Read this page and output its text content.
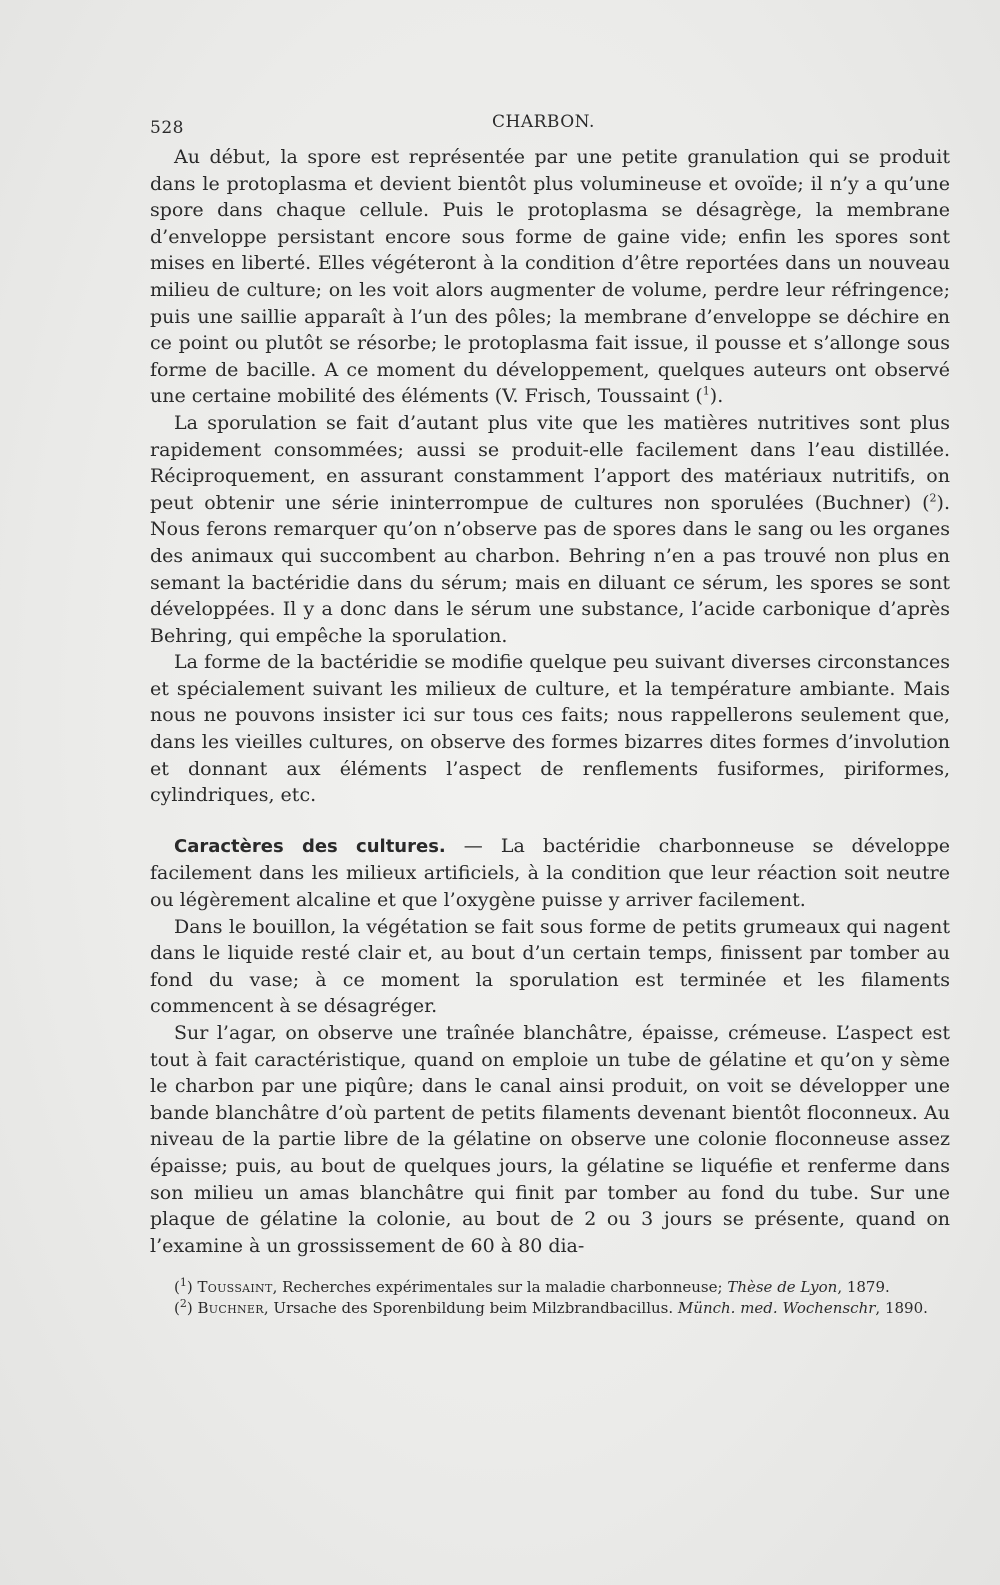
528	CHARBON.

Au début, la spore est représentée par une petite granulation qui se produit dans le protoplasma et devient bientôt plus volumineuse et ovoïde; il n’y a qu’une spore dans chaque cellule. Puis le protoplasma se désagrège, la membrane d’enveloppe persistant encore sous forme de gaine vide; enfin les spores sont mises en liberté. Elles végéteront à la condition d’être reportées dans un nouveau milieu de culture; on les voit alors augmenter de volume, perdre leur réfringence; puis une saillie apparaît à l’un des pôles; la membrane d’enveloppe se déchire en ce point ou plutôt se résorbe; le protoplasma fait issue, il pousse et s’allonge sous forme de bacille. A ce moment du développement, quelques auteurs ont observé une certaine mobilité des éléments (V. Frisch, Toussaint ($^1$).

La sporulation se fait d’autant plus vite que les matières nutritives sont plus rapidement consommées; aussi se produit-elle facilement dans l’eau distillée. Réciproquement, en assurant constamment l’apport des matériaux nutritifs, on peut obtenir une série ininterrompue de cultures non sporulées (Buchner) ($^2$). Nous ferons remarquer qu’on n’observe pas de spores dans le sang ou les organes des animaux qui succombent au charbon. Behring n’en a pas trouvé non plus en semant la bactéridie dans du sérum; mais en diluant ce sérum, les spores se sont développées. Il y a donc dans le sérum une substance, l’acide carbonique d’après Behring, qui empêche la sporulation.

La forme de la bactéridie se modifie quelque peu suivant diverses circonstances et spécialement suivant les milieux de culture, et la température ambiante. Mais nous ne pouvons insister ici sur tous ces faits; nous rappellerons seulement que, dans les vieilles cultures, on observe des formes bizarres dites formes d’involution et donnant aux éléments l’aspect de renflements fusiformes, piriformes, cylindriques, etc.

Caractères des cultures. — La bactéridie charbonneuse se développe facilement dans les milieux artificiels, à la condition que leur réaction soit neutre ou légèrement alcaline et que l’oxygène puisse y arriver facilement.

Dans le bouillon, la végétation se fait sous forme de petits grumeaux qui nagent dans le liquide resté clair et, au bout d’un certain temps, finissent par tomber au fond du vase; à ce moment la sporulation est terminée et les filaments commencent à se désagréger.

Sur l’agar, on observe une traînée blanchâtre, épaisse, crémeuse. L’aspect est tout à fait caractéristique, quand on emploie un tube de gélatine et qu’on y sème le charbon par une piqûre; dans le canal ainsi produit, on voit se développer une bande blanchâtre d’où partent de petits filaments devenant bientôt floconneux. Au niveau de la partie libre de la gélatine on observe une colonie floconneuse assez épaisse; puis, au bout de quelques jours, la gélatine se liquéfie et renferme dans son milieu un amas blanchâtre qui finit par tomber au fond du tube. Sur une plaque de gélatine la colonie, au bout de 2 ou 3 jours se présente, quand on l’examine à un grossissement de 60 à 80 dia-

($^1$) Toussaint, Recherches expérimentales sur la maladie charbonneuse; Thèse de Lyon, 1879.
($^2$) Buchner, Ursache des Sporenbildung beim Milzbrandbacillus. Münch. med. Wochenschr, 1890.
